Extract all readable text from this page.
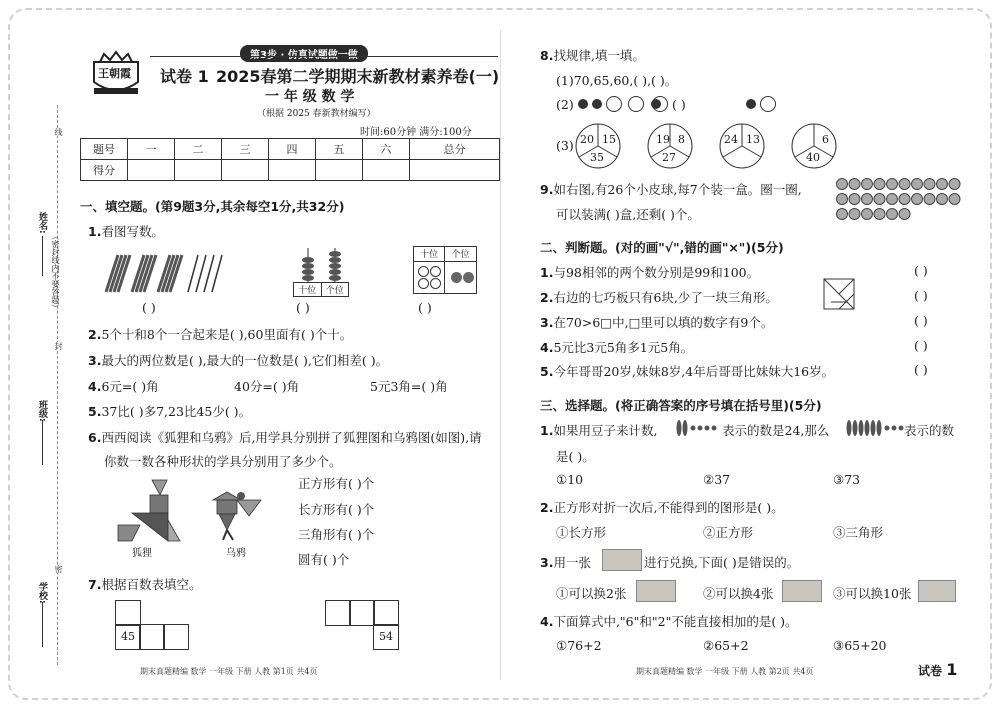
姓名:
班级:
学校:
（密封线内不要答题）
线
封
密
王朝霞
第3步 · 仿真试题做一做
试卷 1 2025春第二学期期末新教材素养卷(一)
一 年 级 数 学
（根据 2025 春新教材编写）
时间:60分钟 满分:100分
题号	一	二	三	四	五	六	总分
得分							
一、填空题。(第9题3分,其余每空1分,共32分)
1.看图写数。
( )
十位	个位
( )
十位	个位
( )
2.5个十和8个一合起来是( ),60里面有( )个十。
3.最大的两位数是( ),最大的一位数是( ),它们相差( )。
4.6元=( )角	40分=( )角	5元3角=( )角
5.37比( )多7,23比45少( )。
6.西西阅读《狐狸和乌鸦》后,用学具分别拼了狐狸图和乌鸦图(如图),请
你数一数各种形状的学具分别用了多少个。
狐狸	乌鸦
正方形有( )个
长方形有( )个
三角形有( )个
圆有( )个
7.根据百数表填空。
45	54
期末真题精编 数学 一年级 下册 人教 第1页 共4页
8.找规律,填一填。
(1)70,65,60,( ),( )。
(2)	( )
(3) 20 15
35
19 8
27
24 13	6
40
9.如右图,有26个小皮球,每7个装一盒。圈一圈,
可以装满( )盒,还剩( )个。
二、判断题。(对的画"√",错的画"×")(5分)
1.与98相邻的两个数分别是99和100。
2.右边的七巧板只有6块,少了一块三角形。
3.在70>6□中,□里可以填的数字有9个。
4.5元比3元5角多1元5角。
5.今年哥哥20岁,妹妹8岁,4年后哥哥比妹妹大16岁。
( )
( )
( )
( )
( )
三、选择题。(将正确答案的序号填在括号里)(5分)
1.如果用豆子来计数,	表示的数是24,那么	表示的数
是( )。
①10	②37	③73
2.正方形对折一次后,不能得到的图形是( )。
①长方形	②正方形	③三角形
3.用一张	进行兑换,下面( )是错误的。
①可以换2张	②可以换4张	③可以换10张
4.下面算式中,"6"和"2"不能直接相加的是( )。
①76+2	②65+2	③65+20
期末真题精编 数学 一年级 下册 人教 第2页 共4页	试卷 1
